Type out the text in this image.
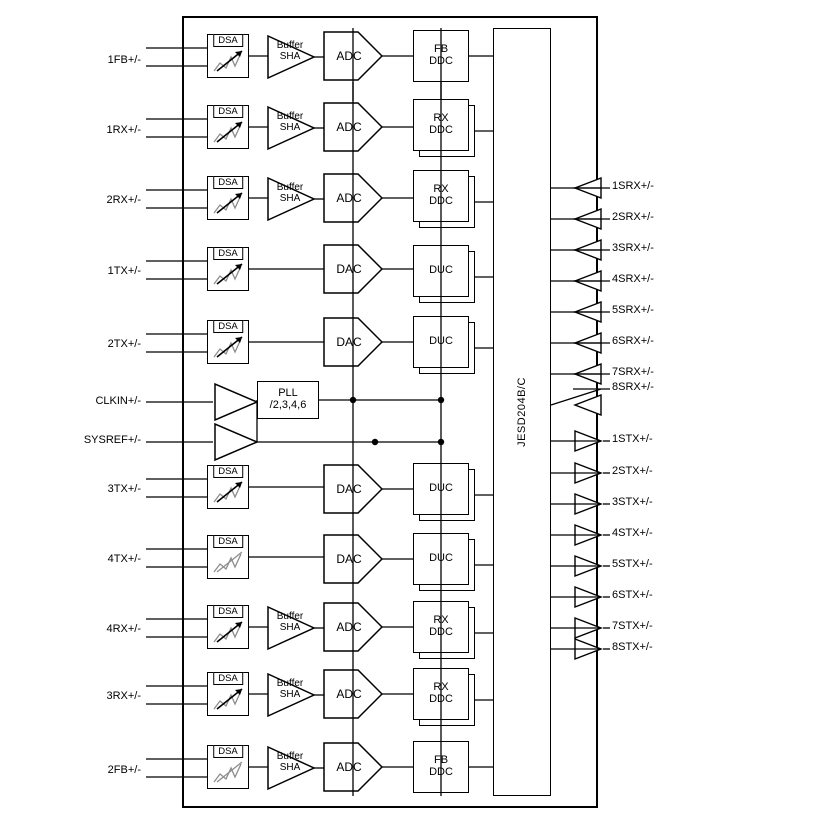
JESD204B/C
1FB+/-
1RX+/-
2RX+/-
1TX+/-
2TX+/-
CLKIN+/-
SYSREF+/-
3TX+/-
4TX+/-
4RX+/-
3RX+/-
2FB+/-
DSA
DSA
DSA
DSA
DSA
DSA
DSA
DSA
DSA
DSA
Buffer
SHA
Buffer
SHA
Buffer
SHA
Buffer
SHA
Buffer
SHA
Buffer
SHA
PLL
/2,3,4,6
ADC
ADC
ADC
DAC
DAC
DAC
DAC
ADC
ADC
ADC
FB
DDC
RX
DDC
RX
DDC
DUC
DUC
DUC
DUC
RX
DDC
RX
DDC
FB
DDC
1SRX+/-
2SRX+/-
3SRX+/-
4SRX+/-
5SRX+/-
6SRX+/-
7SRX+/-
8SRX+/-
1STX+/-
2STX+/-
3STX+/-
4STX+/-
5STX+/-
6STX+/-
7STX+/-
8STX+/-
